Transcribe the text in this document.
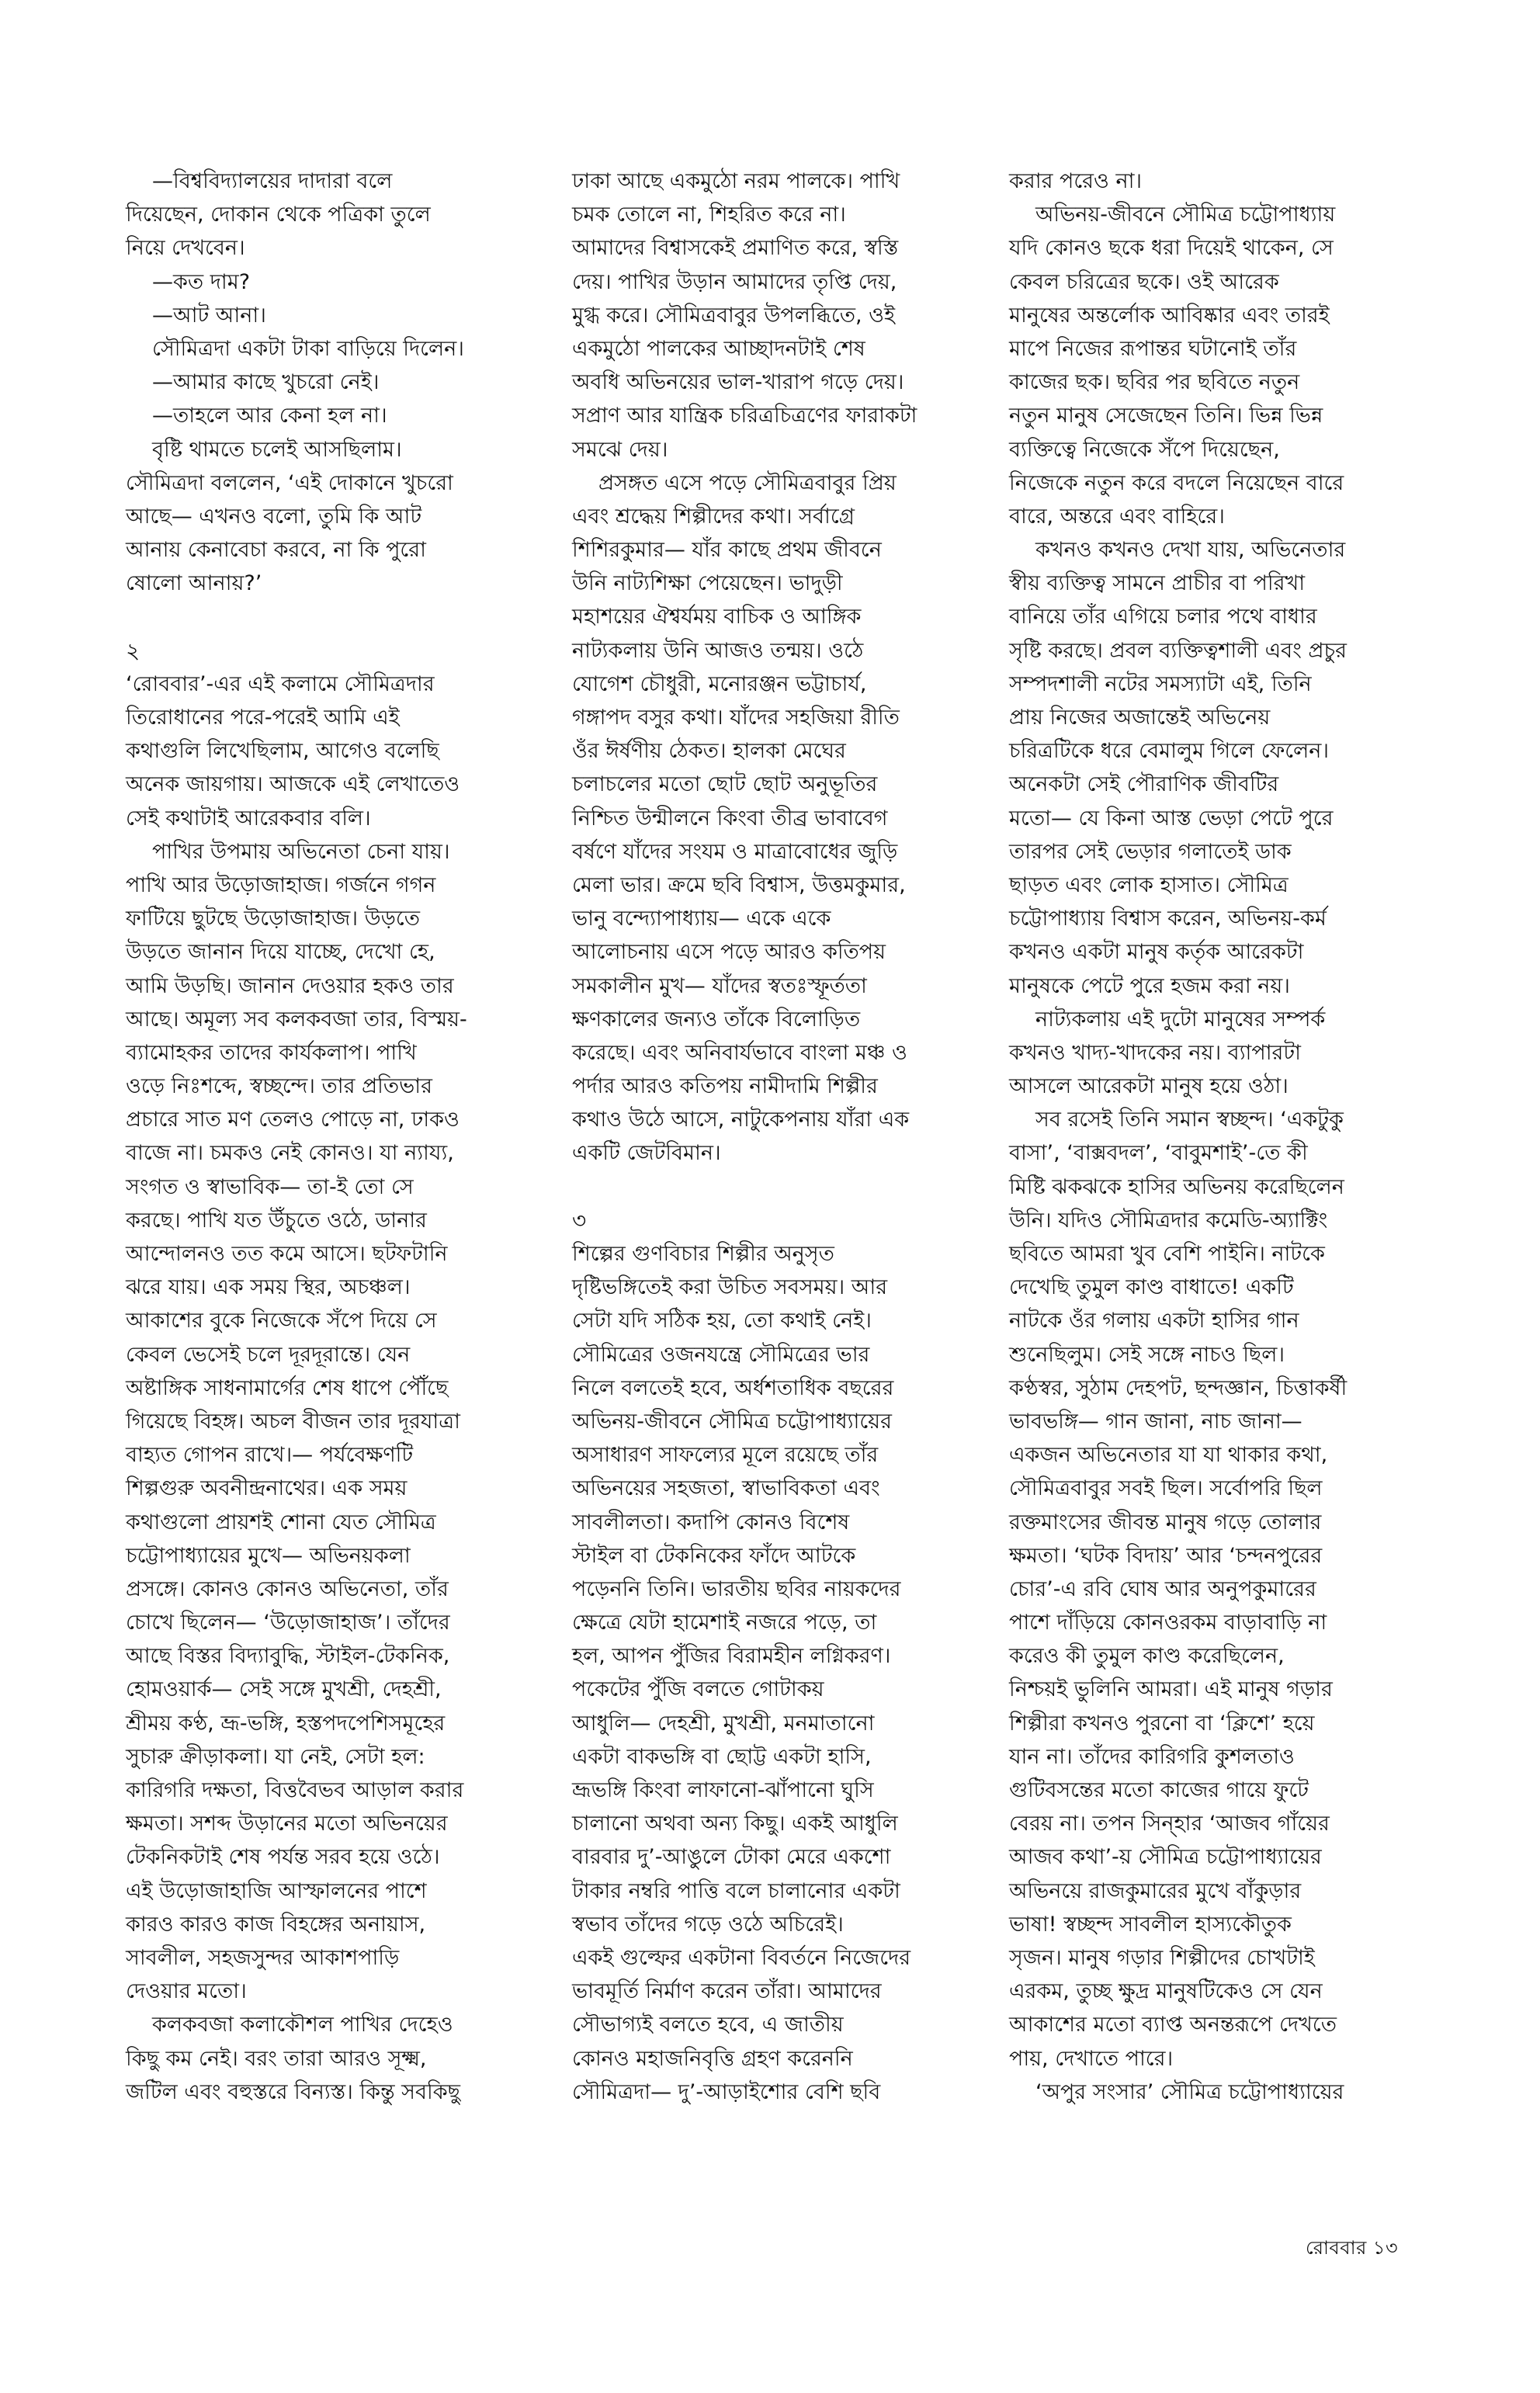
—বিশ্ববিদ্যালয়ের দাদারা বলে
দিয়েছেন, দোকান থেকে পত্রিকা তুলে
নিয়ে দেখবেন।
—কত দাম?
—আট আনা।
সৌমিত্রদা একটা টাকা বাড়িয়ে দিলেন।
—আমার কাছে খুচরো নেই।
—তাহলে আর কেনা হল না।
বৃষ্টি থামতে চলেই আসছিলাম।
সৌমিত্রদা বললেন, ‘এই দোকানে খুচরো
আছে— এখনও বলো, তুমি কি আট
আনায় কেনাবেচা করবে, না কি পুরো
ষোলো আনায়?’
২
‘রোববার’-এর এই কলামে সৌমিত্রদার
তিরোধানের পরে-পরেই আমি এই
কথাগুলি লিখেছিলাম, আগেও বলেছি
অনেক জায়গায়। আজকে এই লেখাতেও
সেই কথাটাই আরেকবার বলি।
পাখির উপমায় অভিনেতা চেনা যায়।
পাখি আর উড়োজাহাজ। গর্জনে গগন
ফাটিয়ে ছুটছে উড়োজাহাজ। উড়তে
উড়তে জানান দিয়ে যাচ্ছে, দেখো হে,
আমি উড়ছি। জানান দেওয়ার হকও তার
আছে। অমূল্য সব কলকবজা তার, বিস্ময়-
ব্যামোহকর তাদের কার্যকলাপ। পাখি
ওড়ে নিঃশব্দে, স্বচ্ছন্দে। তার প্রতিভার
প্রচারে সাত মণ তেলও পোড়ে না, ঢাকও
বাজে না। চমকও নেই কোনও। যা ন্যায্য,
সংগত ও স্বাভাবিক— তা-ই তো সে
করছে। পাখি যত উঁচুতে ওঠে, ডানার
আন্দোলনও তত কমে আসে। ছটফটানি
ঝরে যায়। এক সময় স্থির, অচঞ্চল।
আকাশের বুকে নিজেকে সঁপে দিয়ে সে
কেবল ভেসেই চলে দূরদূরান্তে। যেন
অষ্টাঙ্গিক সাধনামার্গের শেষ ধাপে পৌঁছে
গিয়েছে বিহঙ্গ। অচল বীজন তার দূরযাত্রা
বাহ্যত গোপন রাখে।— পর্যবেক্ষণটি
শিল্পগুরু অবনীন্দ্রনাথের। এক সময়
কথাগুলো প্রায়শই শোনা যেত সৌমিত্র
চট্টোপাধ্যায়ের মুখে— অভিনয়কলা
প্রসঙ্গে। কোনও কোনও অভিনেতা, তাঁর
চোখে ছিলেন— ‘উড়োজাহাজ’। তাঁদের
আছে বিস্তর বিদ্যাবুদ্ধি, স্টাইল-টেকনিক,
হোমওয়ার্ক— সেই সঙ্গে মুখশ্রী, দেহশ্রী,
শ্রীময় কণ্ঠ, ভ্রূ-ভঙ্গি, হস্তপদপেশিসমূহের
সুচারু ক্রীড়াকলা। যা নেই, সেটা হল:
কারিগরি দক্ষতা, বিত্তবৈভব আড়াল করার
ক্ষমতা। সশব্দ উড়ানের মতো অভিনয়ের
টেকনিকটাই শেষ পর্যন্ত সরব হয়ে ওঠে।
এই উড়োজাহাজি আস্ফালনের পাশে
কারও কারও কাজ বিহঙ্গের অনায়াস,
সাবলীল, সহজসুন্দর আকাশপাড়ি
দেওয়ার মতো।
কলকবজা কলাকৌশল পাখির দেহেও
কিছু কম নেই। বরং তারা আরও সূক্ষ্ম,
জটিল এবং বহুস্তরে বিন্যস্ত। কিন্তু সবকিছু
ঢাকা আছে একমুঠো নরম পালকে। পাখি
চমক তোলে না, শিহরিত করে না।
আমাদের বিশ্বাসকেই প্রমাণিত করে, স্বস্তি
দেয়। পাখির উড়ান আমাদের তৃপ্তি দেয়,
মুগ্ধ করে। সৌমিত্রবাবুর উপলব্ধিতে, ওই
একমুঠো পালকের আচ্ছাদনটাই শেষ
অবধি অভিনয়ের ভাল-খারাপ গড়ে দেয়।
সপ্রাণ আর যান্ত্রিক চরিত্রচিত্রণের ফারাকটা
সমঝে দেয়।
প্রসঙ্গত এসে পড়ে সৌমিত্রবাবুর প্রিয়
এবং শ্রদ্ধেয় শিল্পীদের কথা। সর্বাগ্রে
শিশিরকুমার— যাঁর কাছে প্রথম জীবনে
উনি নাট্যশিক্ষা পেয়েছেন। ভাদুড়ী
মহাশয়ের ঐশ্বর্যময় বাচিক ও আঙ্গিক
নাট্যকলায় উনি আজও তন্ময়। ওঠে
যোগেশ চৌধুরী, মনোরঞ্জন ভট্টাচার্য,
গঙ্গাপদ বসুর কথা। যাঁদের সহজিয়া রীতি
ওঁর ঈর্ষণীয় ঠেকত। হালকা মেঘের
চলাচলের মতো ছোট ছোট অনুভূতির
নিশ্চিত উন্মীলনে কিংবা তীব্র ভাবাবেগ
বর্ষণে যাঁদের সংযম ও মাত্রাবোধের জুড়ি
মেলা ভার। ক্রমে ছবি বিশ্বাস, উত্তমকুমার,
ভানু বন্দ্যোপাধ্যায়— একে একে
আলোচনায় এসে পড়ে আরও কতিপয়
সমকালীন মুখ— যাঁদের স্বতঃস্ফূর্ততা
ক্ষণকালের জন্যও তাঁকে বিলোড়িত
করেছে। এবং অনিবার্যভাবে বাংলা মঞ্চ ও
পর্দার আরও কতিপয় নামীদামি শিল্পীর
কথাও উঠে আসে, নাটুকেপনায় যাঁরা এক
একটি জেটবিমান।
৩
শিল্পের গুণবিচার শিল্পীর অনুসৃত
দৃষ্টিভঙ্গিতেই করা উচিত সবসময়। আর
সেটা যদি সঠিক হয়, তো কথাই নেই।
সৌমিত্রের ওজনযন্ত্রে সৌমিত্রের ভার
নিলে বলতেই হবে, অর্ধশতাধিক বছরের
অভিনয়-জীবনে সৌমিত্র চট্টোপাধ্যায়ের
অসাধারণ সাফল্যের মূলে রয়েছে তাঁর
অভিনয়ের সহজতা, স্বাভাবিকতা এবং
সাবলীলতা। কদাপি কোনও বিশেষ
স্টাইল বা টেকনিকের ফাঁদে আটকে
পড়েননি তিনি। ভারতীয় ছবির নায়কদের
ক্ষেত্রে যেটা হামেশাই নজরে পড়ে, তা
হল, আপন পুঁজির বিরামহীন লগ্নিকরণ।
পকেটের পুঁজি বলতে গোটাকয়
আধুলি— দেহশ্রী, মুখশ্রী, মনমাতানো
একটা বাকভঙ্গি বা ছোট্ট একটা হাসি,
ভ্রূভঙ্গি কিংবা লাফানো-ঝাঁপানো ঘুসি
চালানো অথবা অন্য কিছু। একই আধুলি
বারবার দু’-আঙুলে টোকা মেরে একশো
টাকার নম্বরি পাত্তি বলে চালানোর একটা
স্বভাব তাঁদের গড়ে ওঠে অচিরেই।
একই গুল্ফের একটানা বিবর্তনে নিজেদের
ভাবমূর্তি নির্মাণ করেন তাঁরা। আমাদের
সৌভাগ্যই বলতে হবে, এ জাতীয়
কোনও মহাজনিবৃত্তি গ্রহণ করেননি
সৌমিত্রদা— দু’-আড়াইশোর বেশি ছবি
করার পরেও না।
অভিনয়-জীবনে সৌমিত্র চট্টোপাধ্যায়
যদি কোনও ছকে ধরা দিয়েই থাকেন, সে
কেবল চরিত্রের ছকে। ওই আরেক
মানুষের অন্তর্লোক আবিষ্কার এবং তারই
মাপে নিজের রূপান্তর ঘটানোই তাঁর
কাজের ছক। ছবির পর ছবিতে নতুন
নতুন মানুষ সেজেছেন তিনি। ভিন্ন ভিন্ন
ব্যক্তিত্বে নিজেকে সঁপে দিয়েছেন,
নিজেকে নতুন করে বদলে নিয়েছেন বারে
বারে, অন্তরে এবং বাহিরে।
কখনও কখনও দেখা যায়, অভিনেতার
স্বীয় ব্যক্তিত্ব সামনে প্রাচীর বা পরিখা
বানিয়ে তাঁর এগিয়ে চলার পথে বাধার
সৃষ্টি করছে। প্রবল ব্যক্তিত্বশালী এবং প্রচুর
সম্পদশালী নটের সমস্যাটা এই, তিনি
প্রায় নিজের অজান্তেই অভিনেয়
চরিত্রটিকে ধরে বেমালুম গিলে ফেলেন।
অনেকটা সেই পৌরাণিক জীবটির
মতো— যে কিনা আস্ত ভেড়া পেটে পুরে
তারপর সেই ভেড়ার গলাতেই ডাক
ছাড়ত এবং লোক হাসাত। সৌমিত্র
চট্টোপাধ্যায় বিশ্বাস করেন, অভিনয়-কর্ম
কখনও একটা মানুষ কর্তৃক আরেকটা
মানুষকে পেটে পুরে হজম করা নয়।
নাট্যকলায় এই দুটো মানুষের সম্পর্ক
কখনও খাদ্য-খাদকের নয়। ব্যাপারটা
আসলে আরেকটা মানুষ হয়ে ওঠা।
সব রসেই তিনি সমান স্বচ্ছন্দ। ‘একটুকু
বাসা’, ‘বাক্সবদল’, ‘বাবুমশাই’-তে কী
মিষ্টি ঝকঝকে হাসির অভিনয় করেছিলেন
উনি। যদিও সৌমিত্রদার কমেডি-অ্যাক্টিং
ছবিতে আমরা খুব বেশি পাইনি। নাটকে
দেখেছি তুমুল কাণ্ড বাধাতে! একটি
নাটকে ওঁর গলায় একটা হাসির গান
শুনেছিলুম। সেই সঙ্গে নাচও ছিল।
কণ্ঠস্বর, সুঠাম দেহপট, ছন্দজ্ঞান, চিত্তাকর্ষী
ভাবভঙ্গি— গান জানা, নাচ জানা—
একজন অভিনেতার যা যা থাকার কথা,
সৌমিত্রবাবুর সবই ছিল। সর্বোপরি ছিল
রক্তমাংসের জীবন্ত মানুষ গড়ে তোলার
ক্ষমতা। ‘ঘটক বিদায়’ আর ‘চন্দনপুরের
চোর’-এ রবি ঘোষ আর অনুপকুমারের
পাশে দাঁড়িয়ে কোনওরকম বাড়াবাড়ি না
করেও কী তুমুল কাণ্ড করেছিলেন,
নিশ্চয়ই ভুলিনি আমরা। এই মানুষ গড়ার
শিল্পীরা কখনও পুরনো বা ‘ক্লিশে’ হয়ে
যান না। তাঁদের কারিগরি কুশলতাও
গুটিবসন্তের মতো কাজের গায়ে ফুটে
বেরয় না। তপন সিন্‌হার ‘আজব গাঁয়ের
আজব কথা’-য় সৌমিত্র চট্টোপাধ্যায়ের
অভিনয়ে রাজকুমারের মুখে বাঁকুড়ার
ভাষা! স্বচ্ছন্দ সাবলীল হাস্যকৌতুক
সৃজন। মানুষ গড়ার শিল্পীদের চোখটাই
এরকম, তুচ্ছ ক্ষুদ্র মানুষটিকেও সে যেন
আকাশের মতো ব্যাপ্ত অনন্তরূপে দেখতে
পায়, দেখাতে পারে।
‘অপুর সংসার’ সৌমিত্র চট্টোপাধ্যায়ের
রোববার ১৩
